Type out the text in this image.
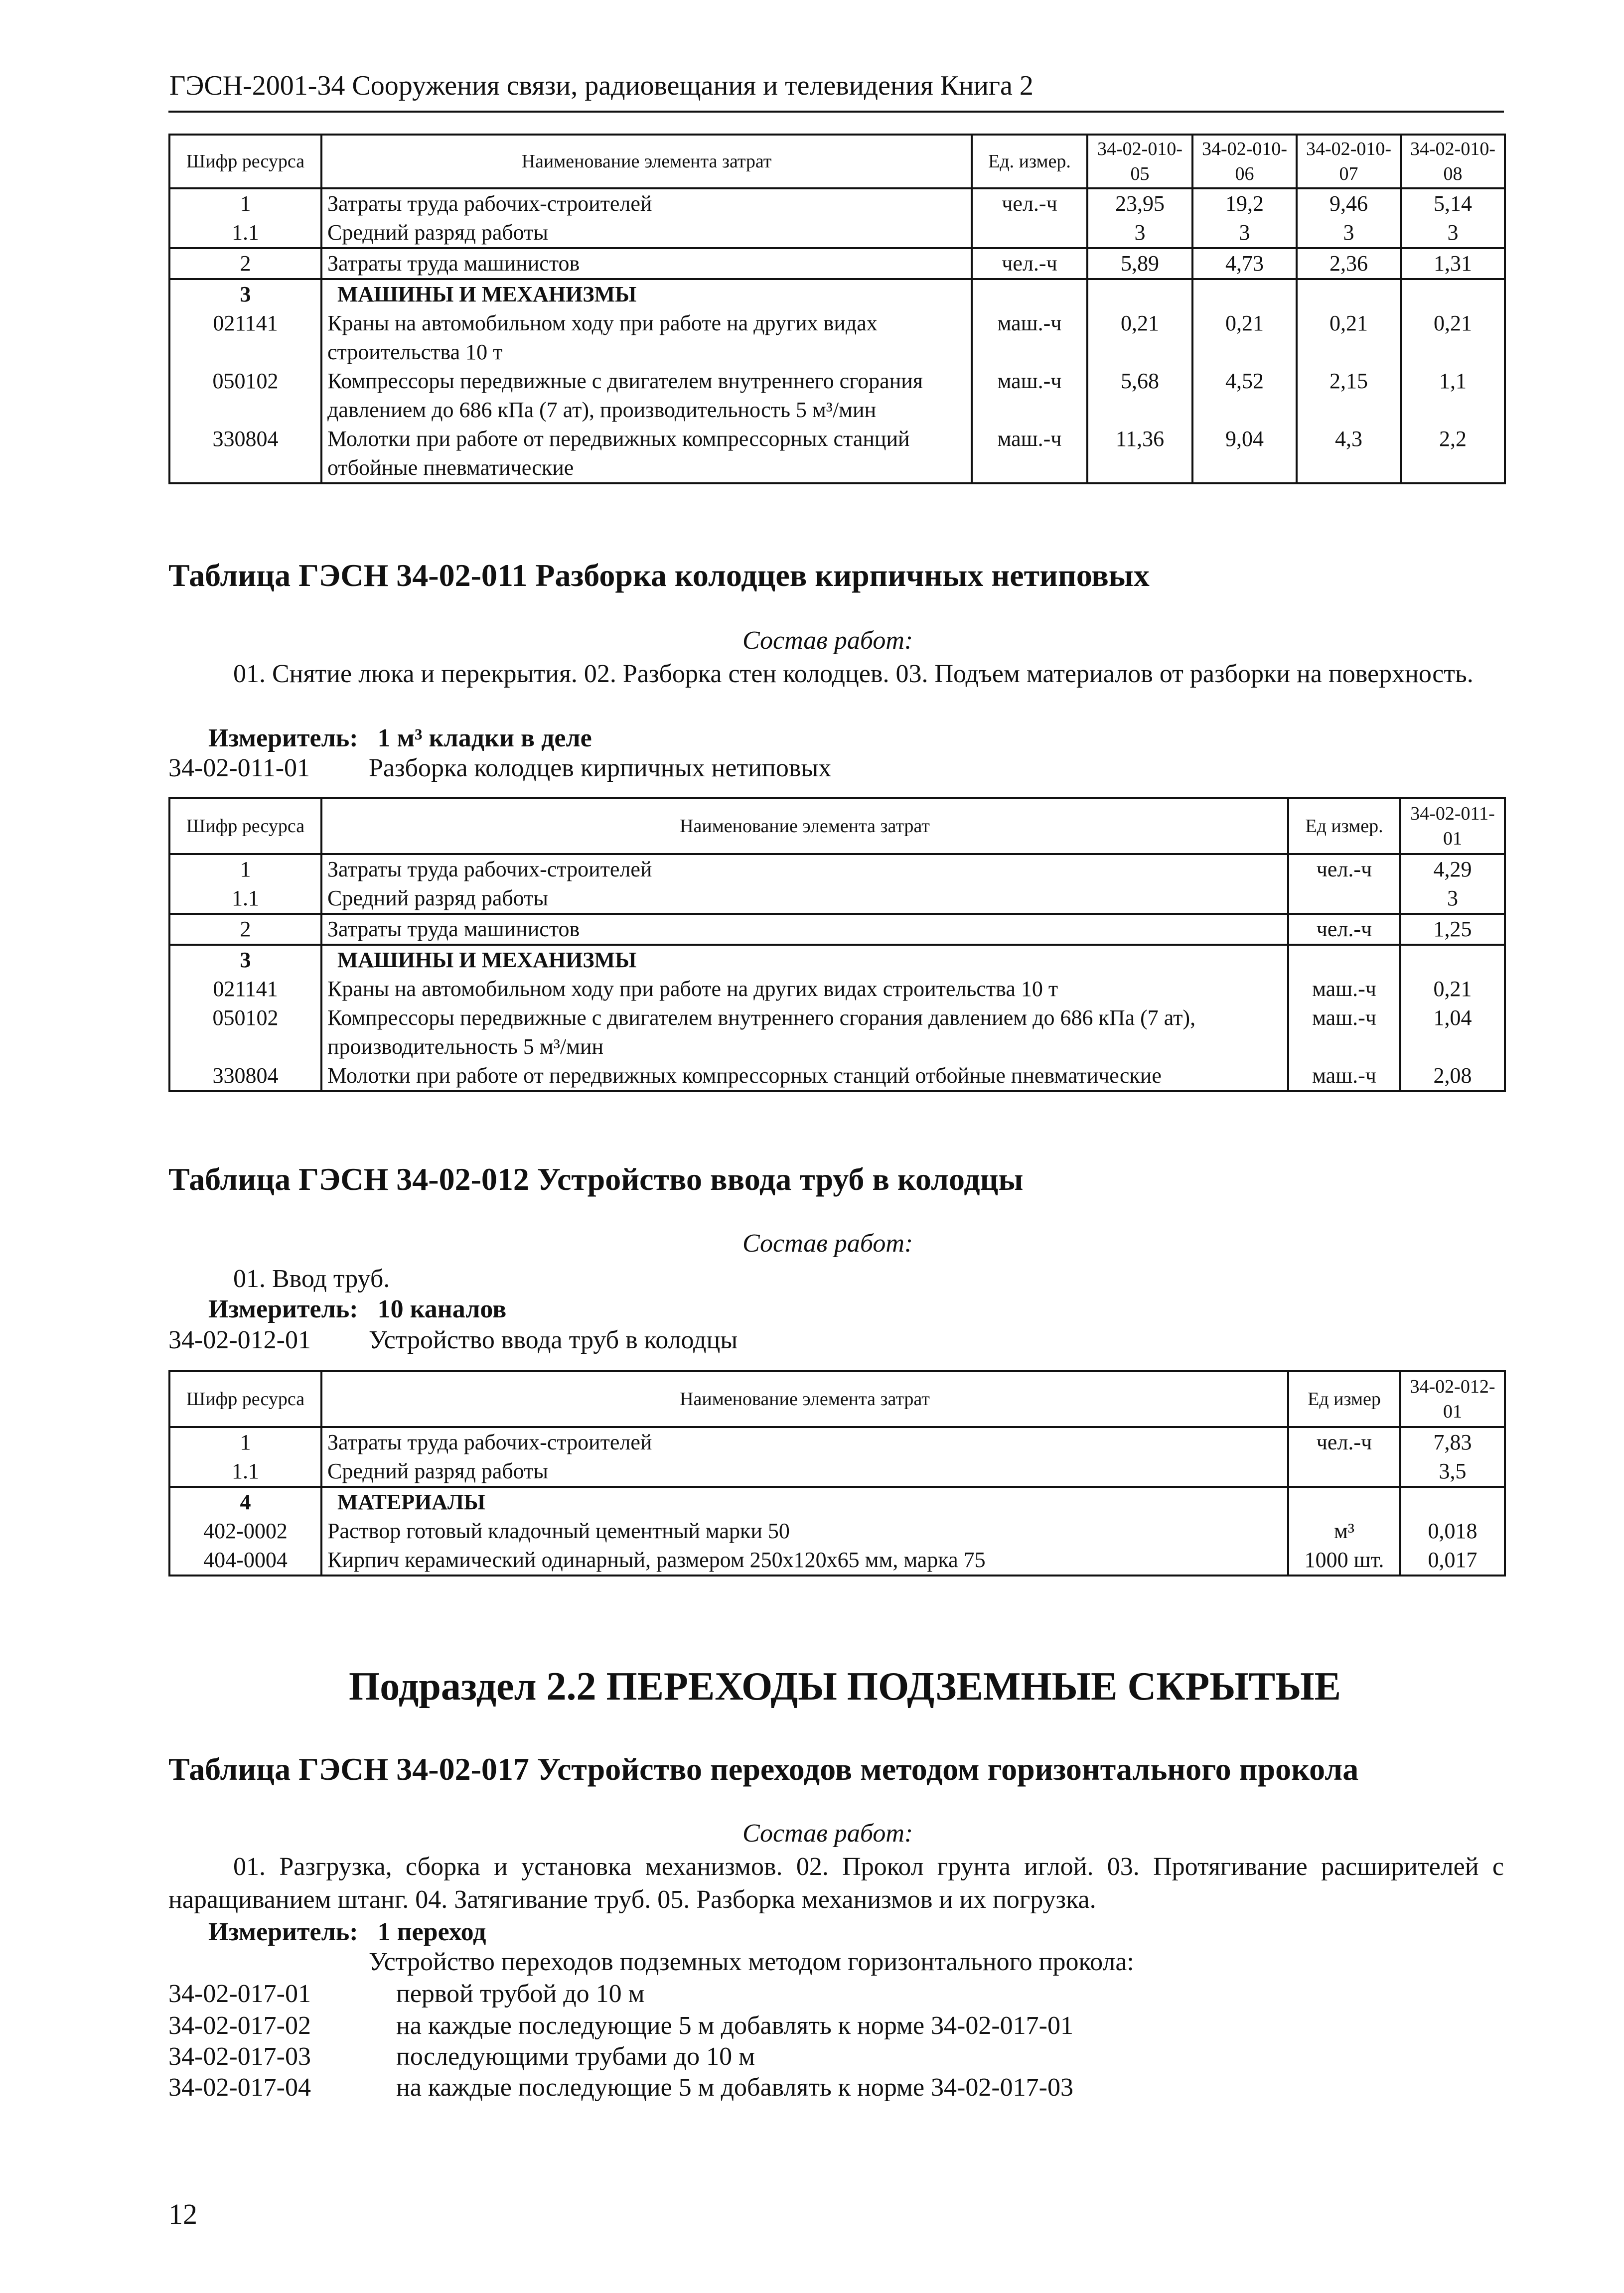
ГЭСН-2001-34 Сооружения связи, радиовещания и телевидения Книга 2
Шифр ресурса	Наименование элемента затрат	Ед. измер.	34-02-010-05	34-02-010-06	34-02-010-07	34-02-010-08
1	Затраты труда рабочих-строителей	чел.-ч	23,95	19,2	9,46	5,14
1.1	Средний разряд работы		3	3	3	3
2	Затраты труда машинистов	чел.-ч	5,89	4,73	2,36	1,31
3	МАШИНЫ И МЕХАНИЗМЫ					
021141	Краны на автомобильном ходу при работе на других видах строительства 10 т	маш.-ч	0,21	0,21	0,21	0,21
050102	Компрессоры передвижные с двигателем внутреннего сгорания давлением до 686 кПа (7 ат), производительность 5 м³/мин	маш.-ч	5,68	4,52	2,15	1,1
330804	Молотки при работе от передвижных компрессорных станций отбойные пневматические	маш.-ч	11,36	9,04	4,3	2,2
Таблица ГЭСН 34-02-011 Разборка колодцев кирпичных нетиповых
Состав работ:
01. Снятие люка и перекрытия. 02. Разборка стен колодцев. 03. Подъем материалов от разборки на поверхность.
Измеритель: 1 м³ кладки в деле
34-02-011-01 Разборка колодцев кирпичных нетиповых
Шифр ресурса	Наименование элемента затрат	Ед измер.	34-02-011-01
1	Затраты труда рабочих-строителей	чел.-ч	4,29
1.1	Средний разряд работы		3
2	Затраты труда машинистов	чел.-ч	1,25
3	МАШИНЫ И МЕХАНИЗМЫ		
021141	Краны на автомобильном ходу при работе на других видах строительства 10 т	маш.-ч	0,21
050102	Компрессоры передвижные с двигателем внутреннего сгорания давлением до 686 кПа (7 ат), производительность 5 м³/мин	маш.-ч	1,04
330804	Молотки при работе от передвижных компрессорных станций отбойные пневматические	маш.-ч	2,08
Таблица ГЭСН 34-02-012 Устройство ввода труб в колодцы
Состав работ:
01. Ввод труб.
Измеритель: 10 каналов
34-02-012-01 Устройство ввода труб в колодцы
Шифр ресурса	Наименование элемента затрат	Ед измер	34-02-012-01
1	Затраты труда рабочих-строителей	чел.-ч	7,83
1.1	Средний разряд работы		3,5
4	МАТЕРИАЛЫ		
402-0002	Раствор готовый кладочный цементный марки 50	м³	0,018
404-0004	Кирпич керамический одинарный, размером 250х120х65 мм, марка 75	1000 шт.	0,017
Подраздел 2.2 ПЕРЕХОДЫ ПОДЗЕМНЫЕ СКРЫТЫЕ
Таблица ГЭСН 34-02-017 Устройство переходов методом горизонтального прокола
Состав работ:
01. Разгрузка, сборка и установка механизмов. 02. Прокол грунта иглой. 03. Протягивание расширителей с наращиванием штанг. 04. Затягивание труб. 05. Разборка механизмов и их погрузка.
Измеритель: 1 переход
Устройство переходов подземных методом горизонтального прокола:
34-02-017-01	первой трубой до 10 м
34-02-017-02	на каждые последующие 5 м добавлять к норме 34-02-017-01
34-02-017-03	последующими трубами до 10 м
34-02-017-04	на каждые последующие 5 м добавлять к норме 34-02-017-03
12
